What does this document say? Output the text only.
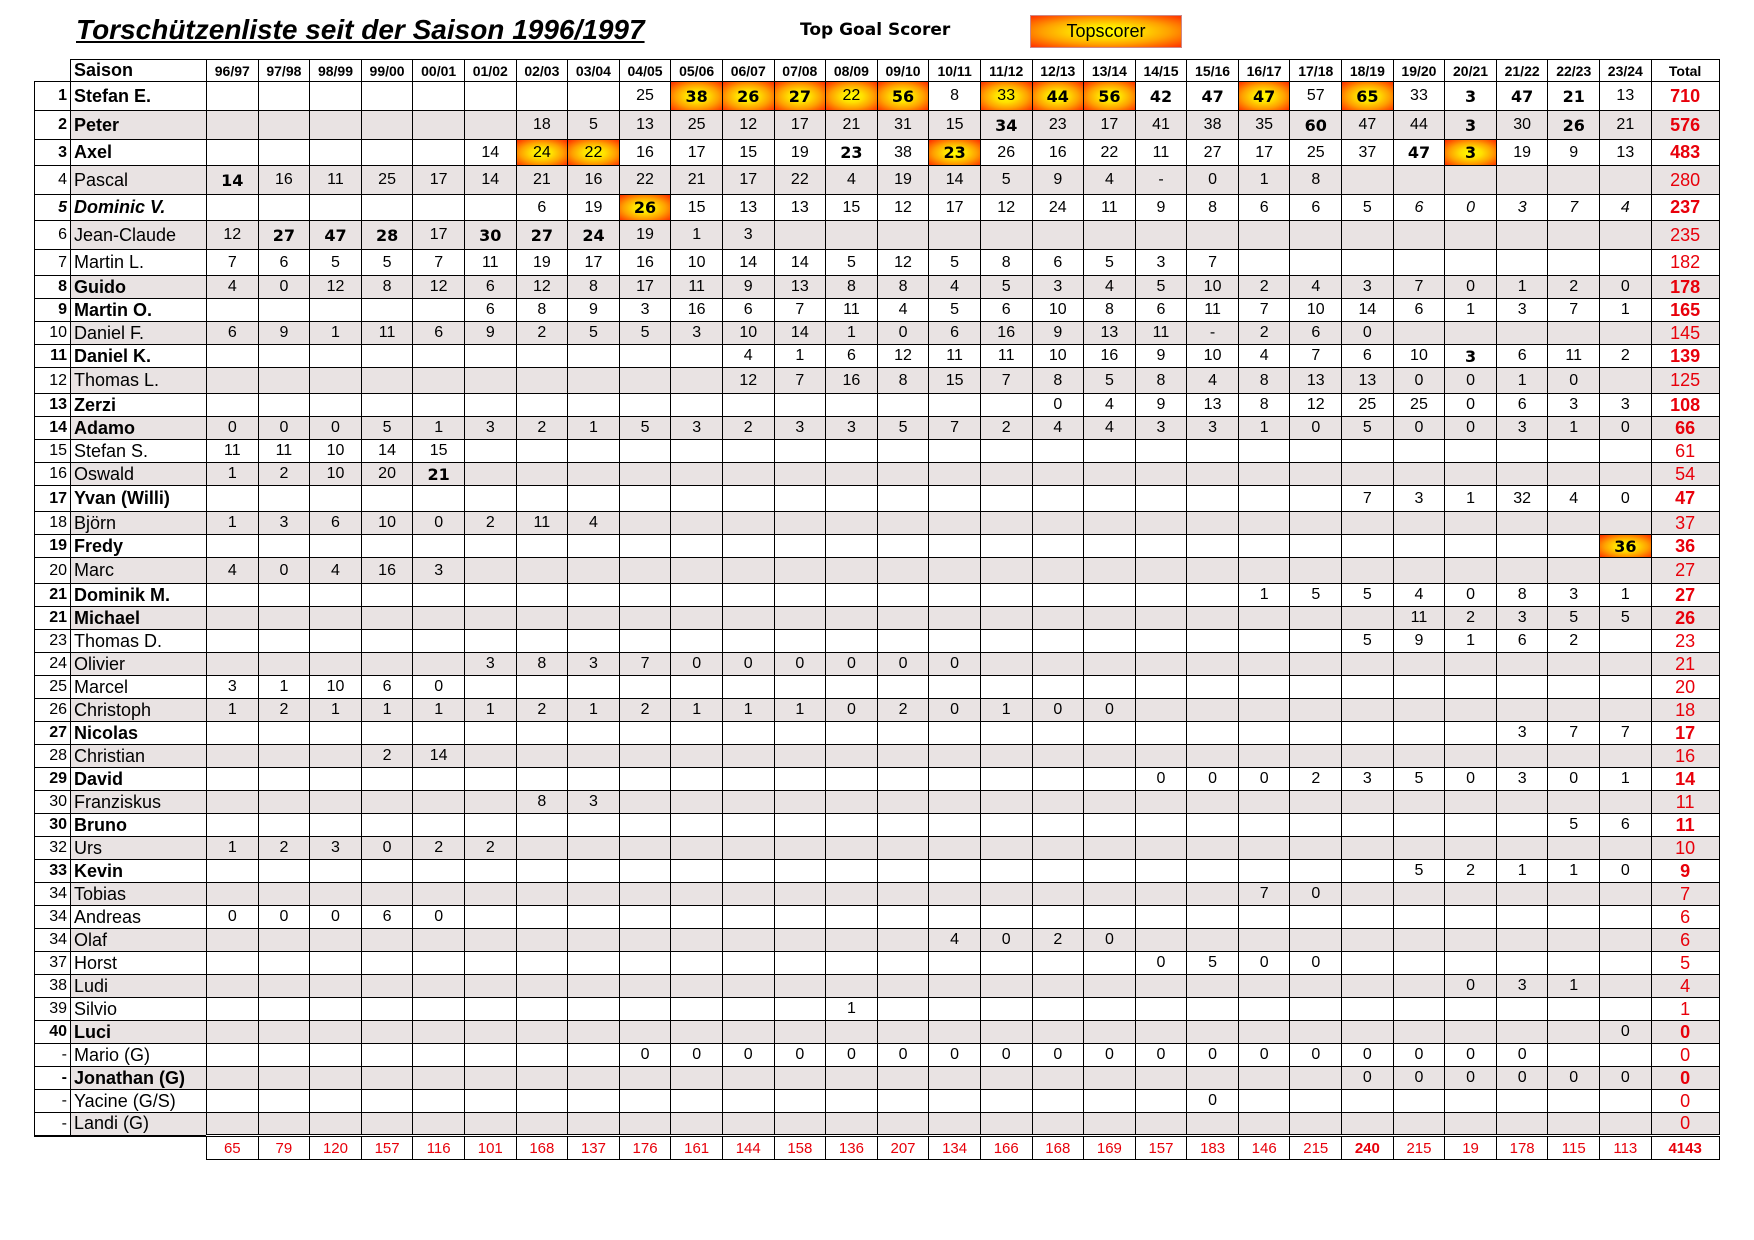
Torschützenliste seit der Saison 1996/1997	Top Goal Scorer	Topscorer
	Saison	96/97	97/98	98/99	99/00	00/01	01/02	02/03	03/04	04/05	05/06	06/07	07/08	08/09	09/10	10/11	11/12	12/13	13/14	14/15	15/16	16/17	17/18	18/19	19/20	20/21	21/22	22/23	23/24	Total
1	Stefan E.									25	38	26	27	22	56	8	33	44	56	42	47	47	57	65	33	3	47	21	13	710
2	Peter							18	5	13	25	12	17	21	31	15	34	23	17	41	38	35	60	47	44	3	30	26	21	576
3	Axel						14	24	22	16	17	15	19	23	38	23	26	16	22	11	27	17	25	37	47	3	19	9	13	483
4	Pascal	14	16	11	25	17	14	21	16	22	21	17	22	4	19	14	5	9	4	-	0	1	8							280
5	Dominic V.							6	19	26	15	13	13	15	12	17	12	24	11	9	8	6	6	5	6	0	3	7	4	237
6	Jean-Claude	12	27	47	28	17	30	27	24	19	1	3																		235
7	Martin L.	7	6	5	5	7	11	19	17	16	10	14	14	5	12	5	8	6	5	3	7									182
8	Guido	4	0	12	8	12	6	12	8	17	11	9	13	8	8	4	5	3	4	5	10	2	4	3	7	0	1	2	0	178
9	Martin O.						6	8	9	3	16	6	7	11	4	5	6	10	8	6	11	7	10	14	6	1	3	7	1	165
10	Daniel F.	6	9	1	11	6	9	2	5	5	3	10	14	1	0	6	16	9	13	11	-	2	6	0						145
11	Daniel K.											4	1	6	12	11	11	10	16	9	10	4	7	6	10	3	6	11	2	139
12	Thomas L.											12	7	16	8	15	7	8	5	8	4	8	13	13	0	0	1	0		125
13	Zerzi																	0	4	9	13	8	12	25	25	0	6	3	3	108
14	Adamo	0	0	0	5	1	3	2	1	5	3	2	3	3	5	7	2	4	4	3	3	1	0	5	0	0	3	1	0	66
15	Stefan S.	11	11	10	14	15																								61
16	Oswald	1	2	10	20	21																								54
17	Yvan (Willi)																							7	3	1	32	4	0	47
18	Björn	1	3	6	10	0	2	11	4																					37
19	Fredy																												36	36
20	Marc	4	0	4	16	3																								27
21	Dominik M.																					1	5	5	4	0	8	3	1	27
21	Michael																								11	2	3	5	5	26
23	Thomas D.																							5	9	1	6	2		23
24	Olivier						3	8	3	7	0	0	0	0	0	0														21
25	Marcel	3	1	10	6	0																								20
26	Christoph	1	2	1	1	1	1	2	1	2	1	1	1	0	2	0	1	0	0											18
27	Nicolas																										3	7	7	17
28	Christian				2	14																								16
29	David																			0	0	0	2	3	5	0	3	0	1	14
30	Franziskus							8	3																					11
30	Bruno																											5	6	11
32	Urs	1	2	3	0	2	2																							10
33	Kevin																								5	2	1	1	0	9
34	Tobias																					7	0							7
34	Andreas	0	0	0	6	0																								6
34	Olaf															4	0	2	0											6
37	Horst																			0	5	0	0							5
38	Ludi																									0	3	1		4
39	Silvio													1																1
40	Luci																												0	0
-	Mario (G)									0	0	0	0	0	0	0	0	0	0	0	0	0	0	0	0	0	0			0
-	Jonathan (G)																							0	0	0	0	0	0	0
-	Yacine (G/S)																				0									0
-	Landi (G)																													0
		65	79	120	157	116	101	168	137	176	161	144	158	136	207	134	166	168	169	157	183	146	215	240	215	19	178	115	113	4143
